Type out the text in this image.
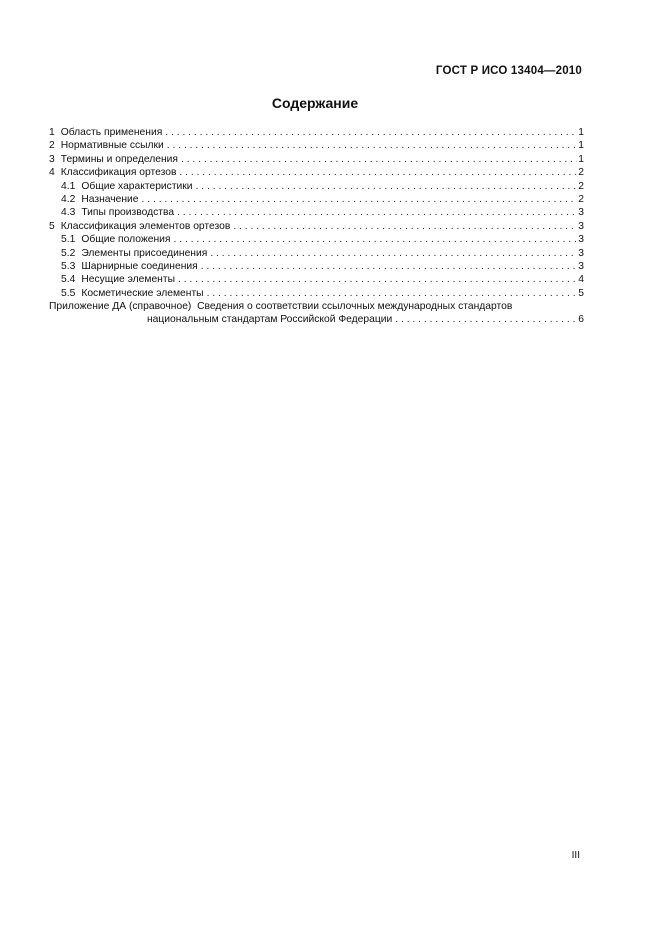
ГОСТ Р ИСО 13404—2010
Содержание
1 Область применения . . .	1
2 Нормативные ссылки . . .	1
3 Термины и определения . . .	1
4 Классификация ортезов . . .	2
4.1 Общие характеристики . . .	2
4.2 Назначение . . .	2
4.3 Типы производства . . .	3
5 Классификация элементов ортезов . . .	3
5.1 Общие положения . . .	3
5.2 Элементы присоединения . . .	3
5.3 Шарнирные соединения . . .	3
5.4 Несущие элементы . . .	4
5.5 Косметические элементы . . .	5
Приложение ДА (справочное) Сведения о соответствии ссылочных международных стандартов
национальным стандартам Российской Федерации . . .	6
III
